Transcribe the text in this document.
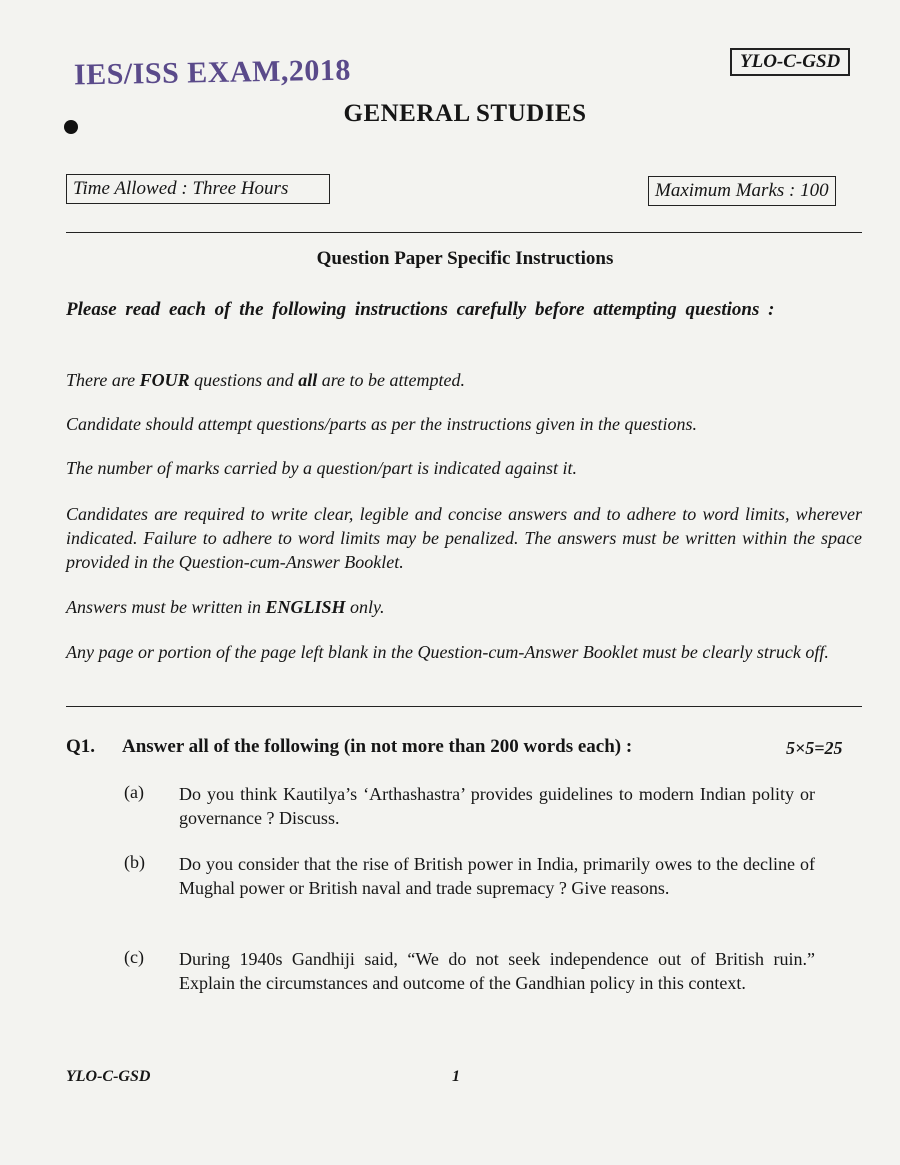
IES/ISS EXAM,2018	YLO-C-GSD
GENERAL STUDIES
Time Allowed : Three Hours	Maximum Marks : 100
Question Paper Specific Instructions
Please read each of the following instructions carefully before attempting questions :
There are FOUR questions and all are to be attempted.
Candidate should attempt questions/parts as per the instructions given in the questions.
The number of marks carried by a question/part is indicated against it.
Candidates are required to write clear, legible and concise answers and to adhere to word limits, wherever indicated. Failure to adhere to word limits may be penalized. The answers must be written within the space provided in the Question-cum-Answer Booklet.
Answers must be written in ENGLISH only.
Any page or portion of the page left blank in the Question-cum-Answer Booklet must be clearly struck off.
Q1. Answer all of the following (in not more than 200 words each) :	5×5=25
(a) Do you think Kautilya’s ‘Arthashastra’ provides guidelines to modern Indian polity or governance ? Discuss.
(b) Do you consider that the rise of British power in India, primarily owes to the decline of Mughal power or British naval and trade supremacy ? Give reasons.
(c) During 1940s Gandhiji said, “We do not seek independence out of British ruin.” Explain the circumstances and outcome of the Gandhian policy in this context.
YLO-C-GSD	1
